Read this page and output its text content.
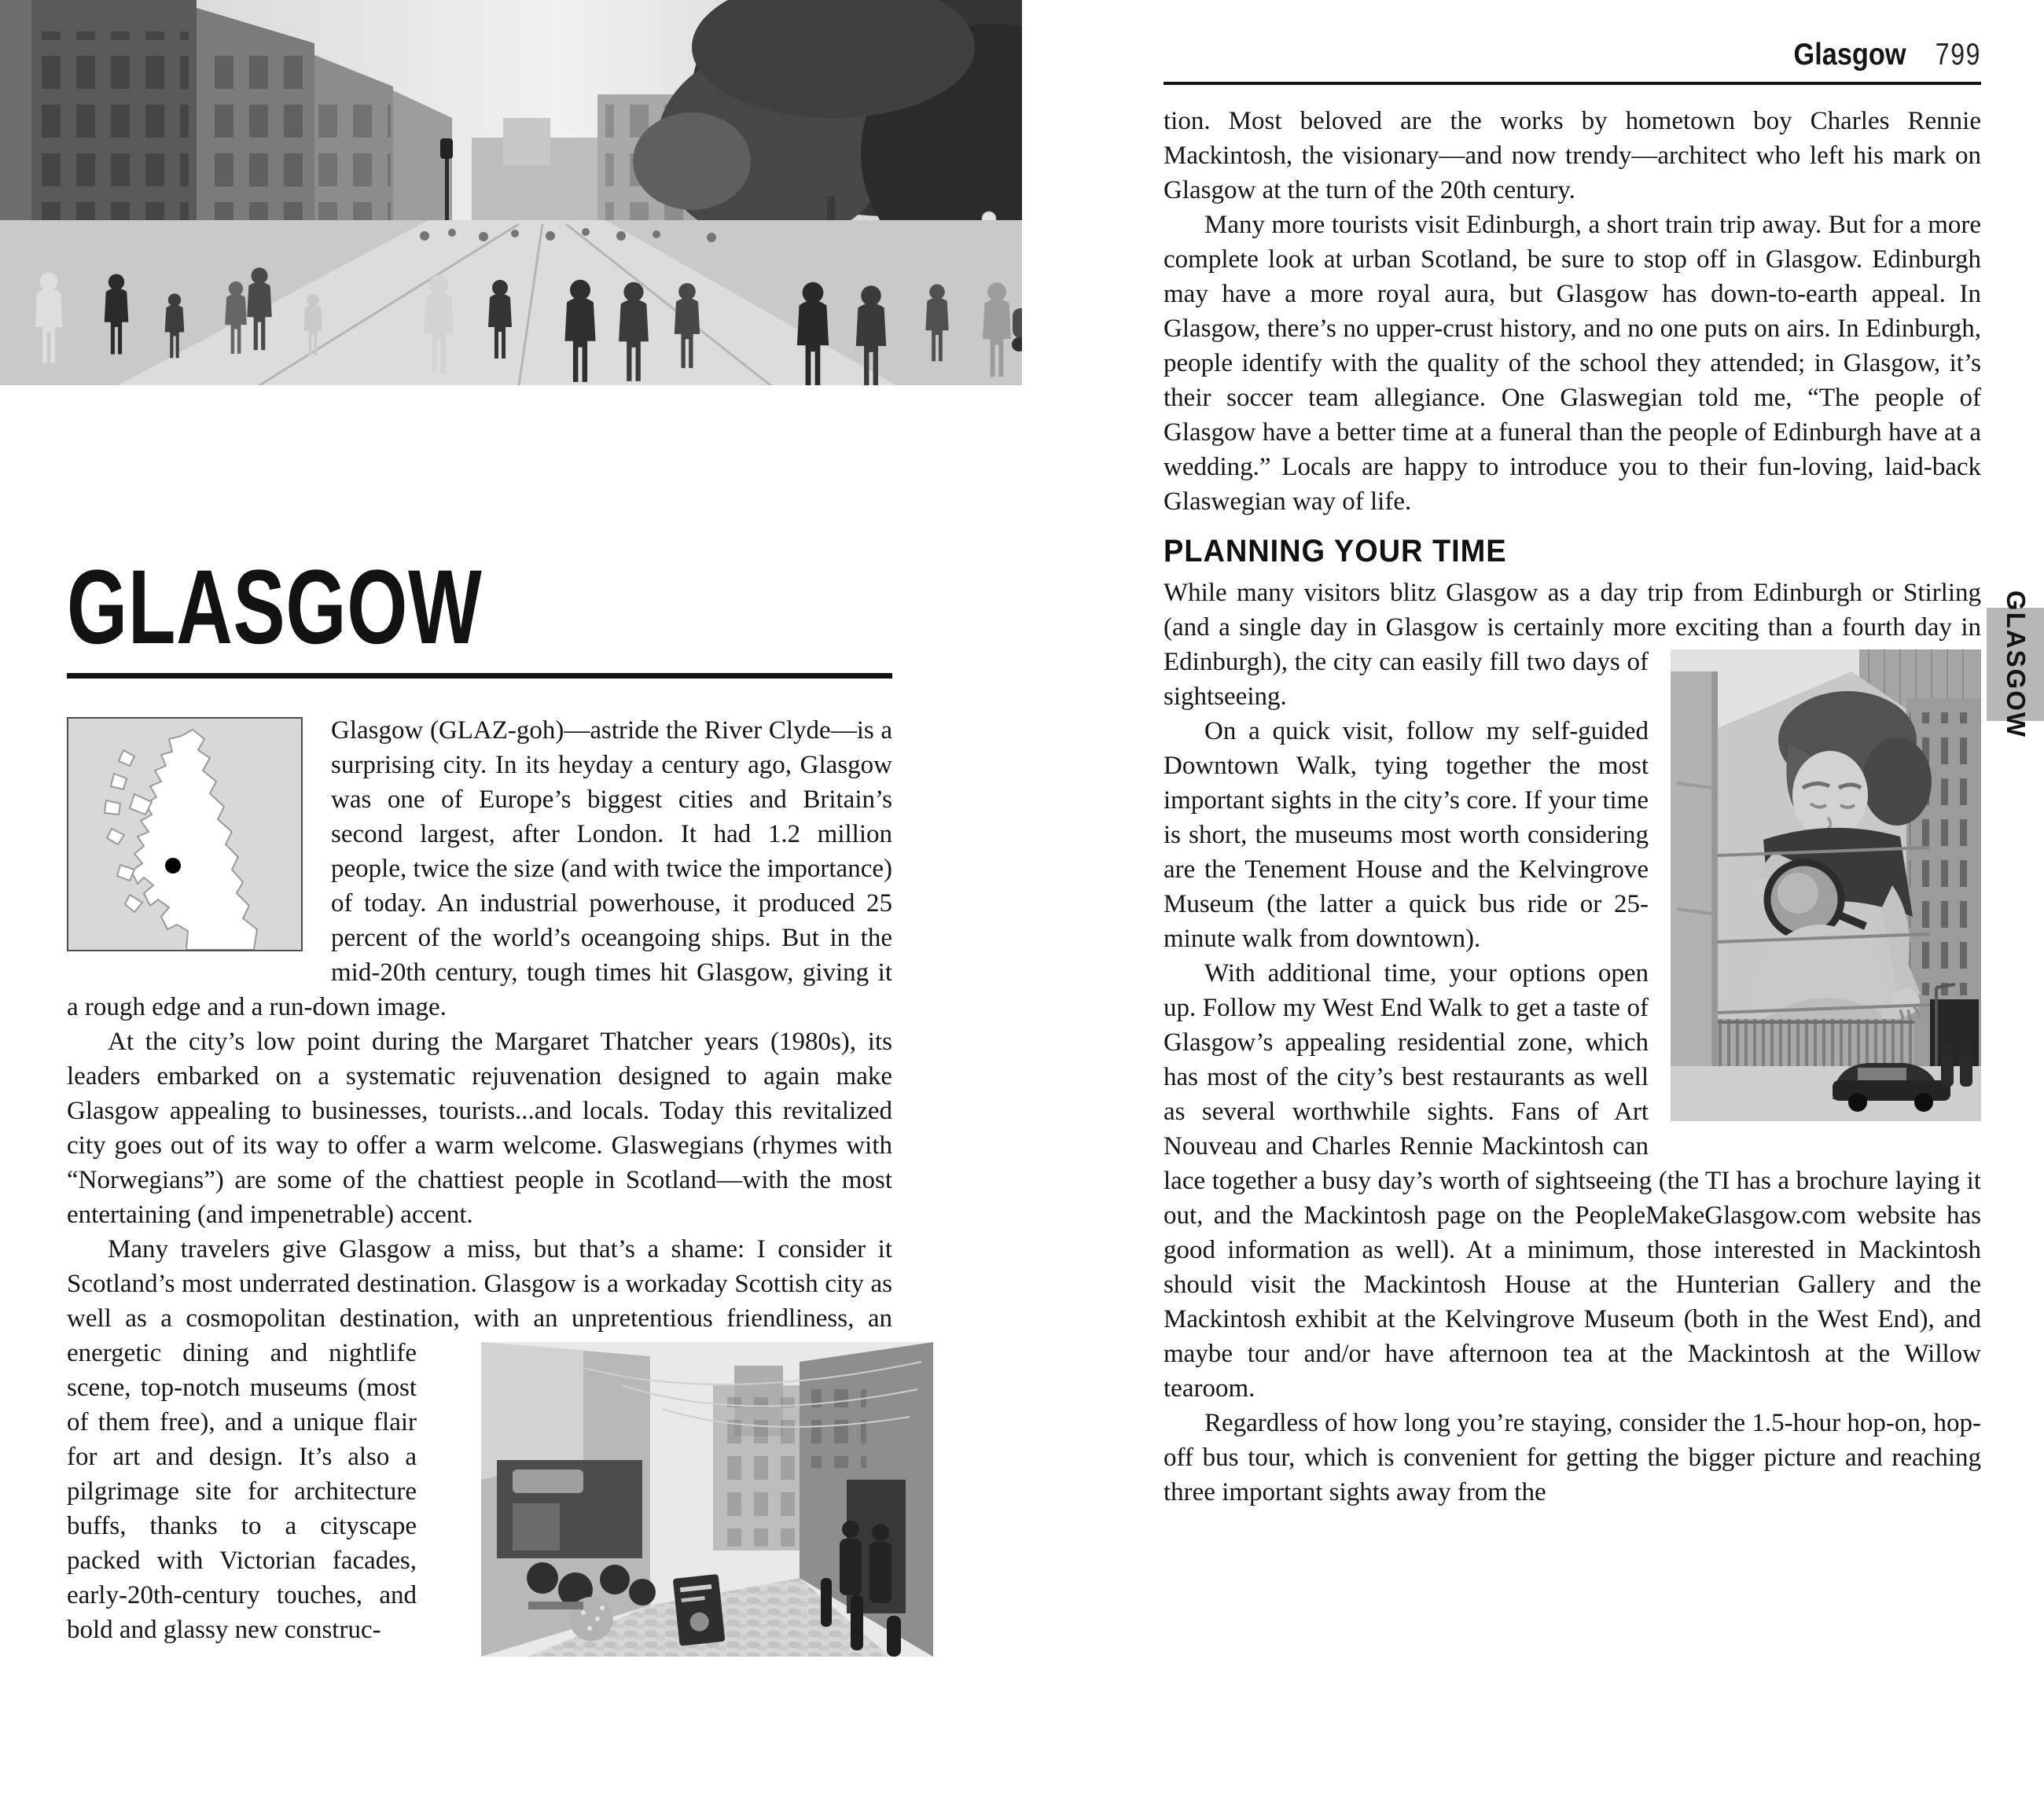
GLASGOW

Glasgow (GLAZ-goh)—astride the River Clyde—is a surprising city. In its heyday a century ago, Glasgow was one of Europe’s biggest cities and Britain’s second largest, after London. It had 1.2 million people, twice the size (and with twice the importance) of today. An industrial powerhouse, it produced 25 percent of the world’s oceangoing ships. But in the mid-20th century, tough times hit Glasgow, giving it a rough edge and a run-down image.

At the city’s low point during the Margaret Thatcher years (1980s), its leaders embarked on a systematic rejuvenation designed to again make Glasgow appealing to businesses, tourists...and locals. Today this revitalized city goes out of its way to offer a warm welcome. Glaswegians (rhymes with “Norwegians”) are some of the chattiest people in Scotland—with the most entertaining (and impenetrable) accent.

Many travelers give Glasgow a miss, but that’s a shame: I consider it Scotland’s most underrated destination. Glasgow is a workaday Scottish city as well as a cosmopolitan destination, with an unpretentious friendliness, an energetic dining and nightlife scene, top-notch museums (most of them free), and a unique flair for art and design. It’s also a pilgrimage site for architecture buffs, thanks to a cityscape packed with Victorian facades, early-20th-century touches, and bold and glassy new construc-

Glasgow 799

tion. Most beloved are the works by hometown boy Charles Rennie Mackintosh, the visionary—and now trendy—architect who left his mark on Glasgow at the turn of the 20th century.

Many more tourists visit Edinburgh, a short train trip away. But for a more complete look at urban Scotland, be sure to stop off in Glasgow. Edinburgh may have a more royal aura, but Glasgow has down-to-earth appeal. In Glasgow, there’s no upper-crust history, and no one puts on airs. In Edinburgh, people identify with the quality of the school they attended; in Glasgow, it’s their soccer team allegiance. One Glaswegian told me, “The people of Glasgow have a better time at a funeral than the people of Edinburgh have at a wedding.” Locals are happy to introduce you to their fun-loving, laid-back Glaswegian way of life.

PLANNING YOUR TIME

While many visitors blitz Glasgow as a day trip from Edinburgh or Stirling (and a single day in Glasgow is certainly more exciting than a fourth day in Edinburgh), the city can easily fill two days of sightseeing.

On a quick visit, follow my self-guided Downtown Walk, tying together the most important sights in the city’s core. If your time is short, the museums most worth considering are the Tenement House and the Kelvingrove Museum (the latter a quick bus ride or 25-minute walk from downtown).

With additional time, your options open up. Follow my West End Walk to get a taste of Glasgow’s appealing residential zone, which has most of the city’s best restaurants as well as several worthwhile sights. Fans of Art Nouveau and Charles Rennie Mackintosh can lace together a busy day’s worth of sightseeing (the TI has a brochure laying it out, and the Mackintosh page on the PeopleMakeGlasgow.com website has good information as well). At a minimum, those interested in Mackintosh should visit the Mackintosh House at the Hunterian Gallery and the Mackintosh exhibit at the Kelvingrove Museum (both in the West End), and maybe tour and/or have afternoon tea at the Mackintosh at the Willow tearoom.

Regardless of how long you’re staying, consider the 1.5-hour hop-on, hop-off bus tour, which is convenient for getting the bigger picture and reaching three important sights away from the

GLASGOW
